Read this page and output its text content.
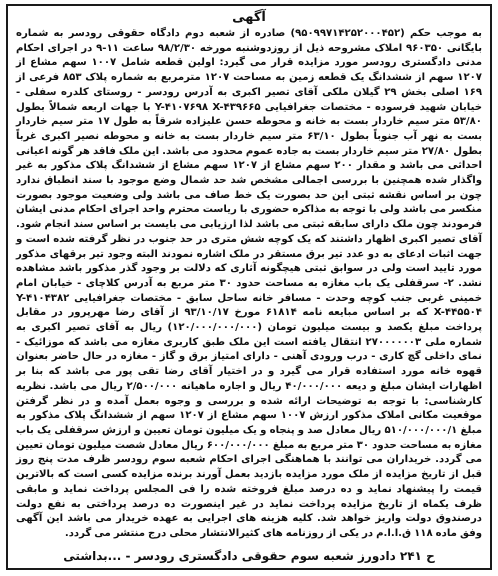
آگهی

به موجب حکم (۹۵۰۹۹۷۱۴۲۵۲۰۰۰۴۵۲) صادره از شعبه دوم دادگاه حقوقی رودسر به شماره بایگانی ۹۶۰۳۵۰ املاک مشروحه ذیل از روزدوشنبه مورخه ۹۸/۲/۳۰ ساعت ۱۱-۹ در اجرای احکام مدنی دادگستری رودسر مورد مزایده قرار می گیرد: اولین قطعه شامل ۱۰۰۷ سهم مشاع از ۱۲۰۷ سهم از ششدانگ یک قطعه زمین به مساحت ۱۲۰۷ مترمربع به شماره پلاک ۸۵۳ فرعی از ۱۶۹ اصلی بخش ۲۹ گیلان ملکی آقای تصیر اکبری به آدرس رودسر - روستای کلدره سفلی - خیابان شهید فرسوده - مختصات جغرافیایی Y-۴۱۰۷۶۹۸ X-۴۳۹۶۶۵ با جهات اربعه شمالاً بطول ۵۳/۸۰ متر سیم خاردار بست به خانه و محوطه حسن علیزاده شرقاً به طول ۱۷ متر سیم خاردار بست به نهر آب جنوباً بطول ۶۳/۱۰ متر سیم خاردار بست به خانه و محوطه نصیر اکبری غرباً بطول ۲۷/۸۰ متر سیم خاردار بست به جاده عموم محدود می باشد. این ملک فاقد هر گونه اعیانی احداثی می باشد و مقدار ۲۰۰ سهم مشاع از ۱۲۰۷ سهم مشاع از ششدانگ پلاک مذکور به غیر واگذار شده همچنین با بررسی اجمالی مشخص شد حد شمال وضع موجود با سند انطباق ندارد چون بر اساس نقشه ثبتی این حد بصورت یک خط صاف می باشد ولی وضعیت موجود بصورت منکسر می باشد ولی با توجه به مذاکره حضوری با ریاست محترم واحد اجرای احکام مدنی ایشان فرمودند چون ملک دارای سابقه ثبتی می باشد لذا ارزیابی می بایست بر اساس سند انجام شود. آقای تصیر اکبری اظهار داشتند که یک کوچه شش متری در حد جنوب در نظر گرفته شده است و جهت اثبات ادعای به دو عدد تیر برق مستقر در ملک اشاره نمودند البته وجود تیر برقهای مذکور مورد تایید است ولی در سوابق ثبتی هیچگونه آثاری که دلالت بر وجود گذر مذکور باشد مشاهده نشد. ۲- سرقفلی یک باب مغازه به مساحت حدود ۳۰ متر مربع به آدرس کلاچای - خیابان امام خمینی غربی جنب کوچه وحدت - مسافر خانه ساحل سابق - مختصات جغرافیایی Y-۴۱۰۴۳۸۲ X-۴۴۵۵۰۴ که بر اساس مبایعه نامه ۶۱۸۱۴ مورخ ۹۳/۱۰/۱۷ از آقای رضا مهرپرور در مقابل پرداخت مبلغ یکصد و بیست میلیون تومان (۱۲۰/۰۰۰/۰۰۰/۰۰۰) ریال به آقای تصیر اکبری به شماره ملی ۲۷۰۰۰۰۰۰۳ انتقال یافته است این ملک طبق کاربری مغازه می باشد که موزائیک - نمای داخلی گچ کاری - درب ورودی آهنی - دارای امتیاز برق و گاز - مغازه در حال حاضر بعنوان قهوه خانه مورد استفاده قرار می گیرد و در اختیار آقای رضا تقی پور می باشد که بنا بر اظهارات ایشان مبلغ و دیعه ۴۰/۰۰۰/۰۰۰ ریال و اجاره ماهیانه ۲/۵۰۰/۰۰۰ ریال می باشد. نظریه کارشناسی: با توجه به توضیحات ارائه شده و بررسی و وجوه بعمل آمده و در نظر گرفتن موقعیت مکانی املاک مذکور ارزش ۱۰۰۷ سهم مشاع از ۱۲۰۷ سهم از ششدانگ پلاک مذکور به مبلغ ۵۱۰/۰۰۰/۰۰۰/۱ ریال معادل صد و پنجاه و یک میلیون تومان تعیین و ارزش سرقفلی یک باب مغازه به مساحت حدود ۳۰ متر مربع به مبلغ ۶۰۰/۰۰۰/۰۰۰ ریال معادل شصت میلیون تومان تعیین می گردد. خریداران می توانند با هماهنگی اجرای احکام شعبه سوم رودسر ظرف مدت پنج روز قبل از تاریخ مزایده از ملک مورد مزایده بازدید بعمل آورند برنده مزایده کسی است که بالاترین قیمت را پیشنهاد نماید و ده درصد مبلغ فروخته شده را فی المجلس پرداخت نماید و مابقی ظرف یکماه از تاریخ مزایده پرداخت نماید در غیر اینصورت ده درصد پرداختی به نفع دولت درصندوق دولت واریز خواهد شد. کلیه هزینه های اجرایی به عهده خریدار می باشد این آگهی وفق ماده ۱۱۸ ق.ا.ا.م در یکی از روزنامه های کثیرالانتشار محلی درج منتشر می گردد.

ح ۲۴۱ دادورز شعبه سوم حقوقی دادگستری رودسر - ...بداشتی
